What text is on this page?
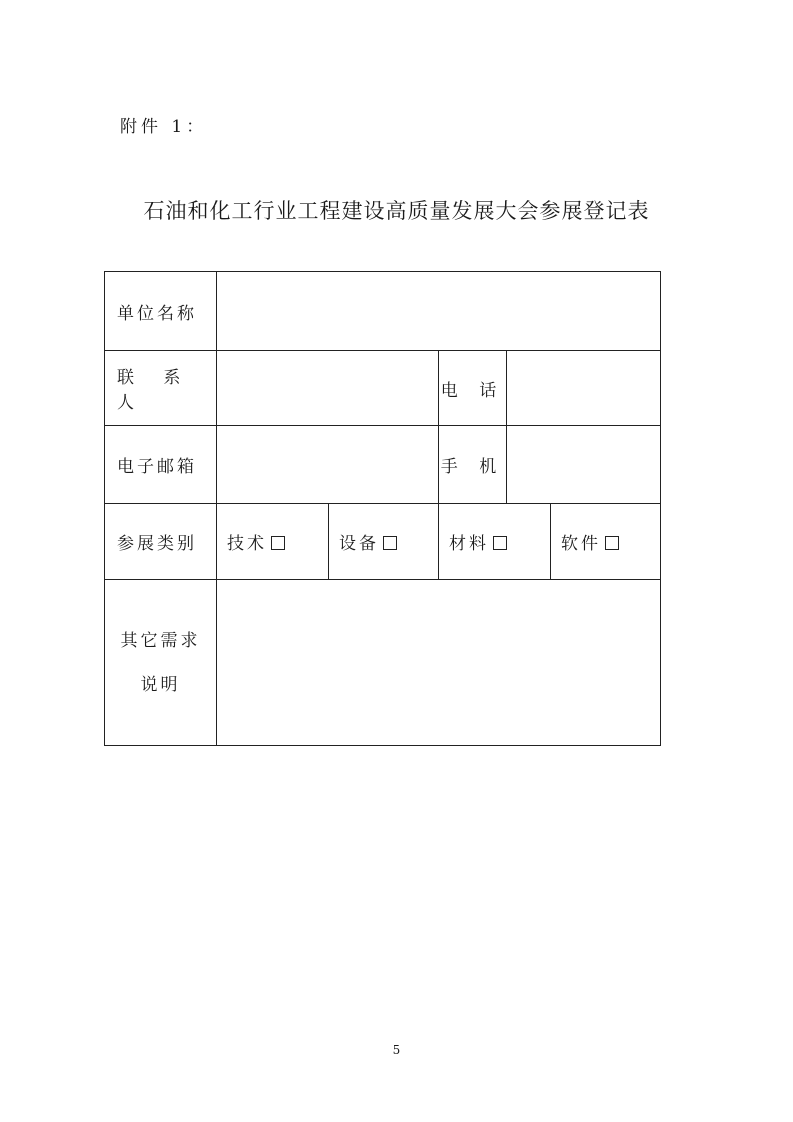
附件 1：
石油和化工行业工程建设高质量发展大会参展登记表
单位名称					
联 系 人			电 话		
电子邮箱			手 机		
参展类别	技术	设备	材料		软件

其它需求
说明					

5
